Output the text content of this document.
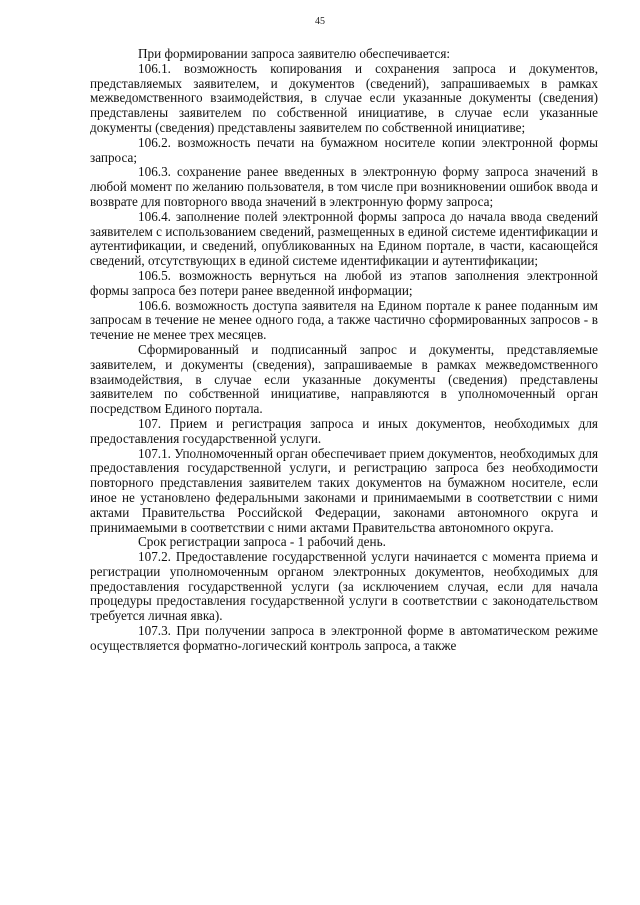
45

При формировании запроса заявителю обеспечивается:

106.1. возможность копирования и сохранения запроса и документов, представляемых заявителем, и документов (сведений), запрашиваемых в рамках межведомственного взаимодействия, в случае если указанные документы (сведения) представлены заявителем по собственной инициативе, в случае если указанные документы (сведения) представлены заявителем по собственной инициативе;

106.2. возможность печати на бумажном носителе копии электронной формы запроса;

106.3. сохранение ранее введенных в электронную форму запроса значений в любой момент по желанию пользователя, в том числе при возникновении ошибок ввода и возврате для повторного ввода значений в электронную форму запроса;

106.4. заполнение полей электронной формы запроса до начала ввода сведений заявителем с использованием сведений, размещенных в единой системе идентификации и аутентификации, и сведений, опубликованных на Едином портале, в части, касающейся сведений, отсутствующих в единой системе идентификации и аутентификации;

106.5. возможность вернуться на любой из этапов заполнения электронной формы запроса без потери ранее введенной информации;

106.6. возможность доступа заявителя на Едином портале к ранее поданным им запросам в течение не менее одного года, а также частично сформированных запросов - в течение не менее трех месяцев.

Сформированный и подписанный запрос и документы, представляемые заявителем, и документы (сведения), запрашиваемые в рамках межведомственного взаимодействия, в случае если указанные документы (сведения) представлены заявителем по собственной инициативе, направляются в уполномоченный орган посредством Единого портала.

107. Прием и регистрация запроса и иных документов, необходимых для предоставления государственной услуги.

107.1. Уполномоченный орган обеспечивает прием документов, необходимых для предоставления государственной услуги, и регистрацию запроса без необходимости повторного представления заявителем таких документов на бумажном носителе, если иное не установлено федеральными законами и принимаемыми в соответствии с ними актами Правительства Российской Федерации, законами автономного округа и принимаемыми в соответствии с ними актами Правительства автономного округа.

Срок регистрации запроса - 1 рабочий день.

107.2. Предоставление государственной услуги начинается с момента приема и регистрации уполномоченным органом электронных документов, необходимых для предоставления государственной услуги (за исключением случая, если для начала процедуры предоставления государственной услуги в соответствии с законодательством требуется личная явка).

107.3. При получении запроса в электронной форме в автоматическом режиме осуществляется форматно-логический контроль запроса, а также
